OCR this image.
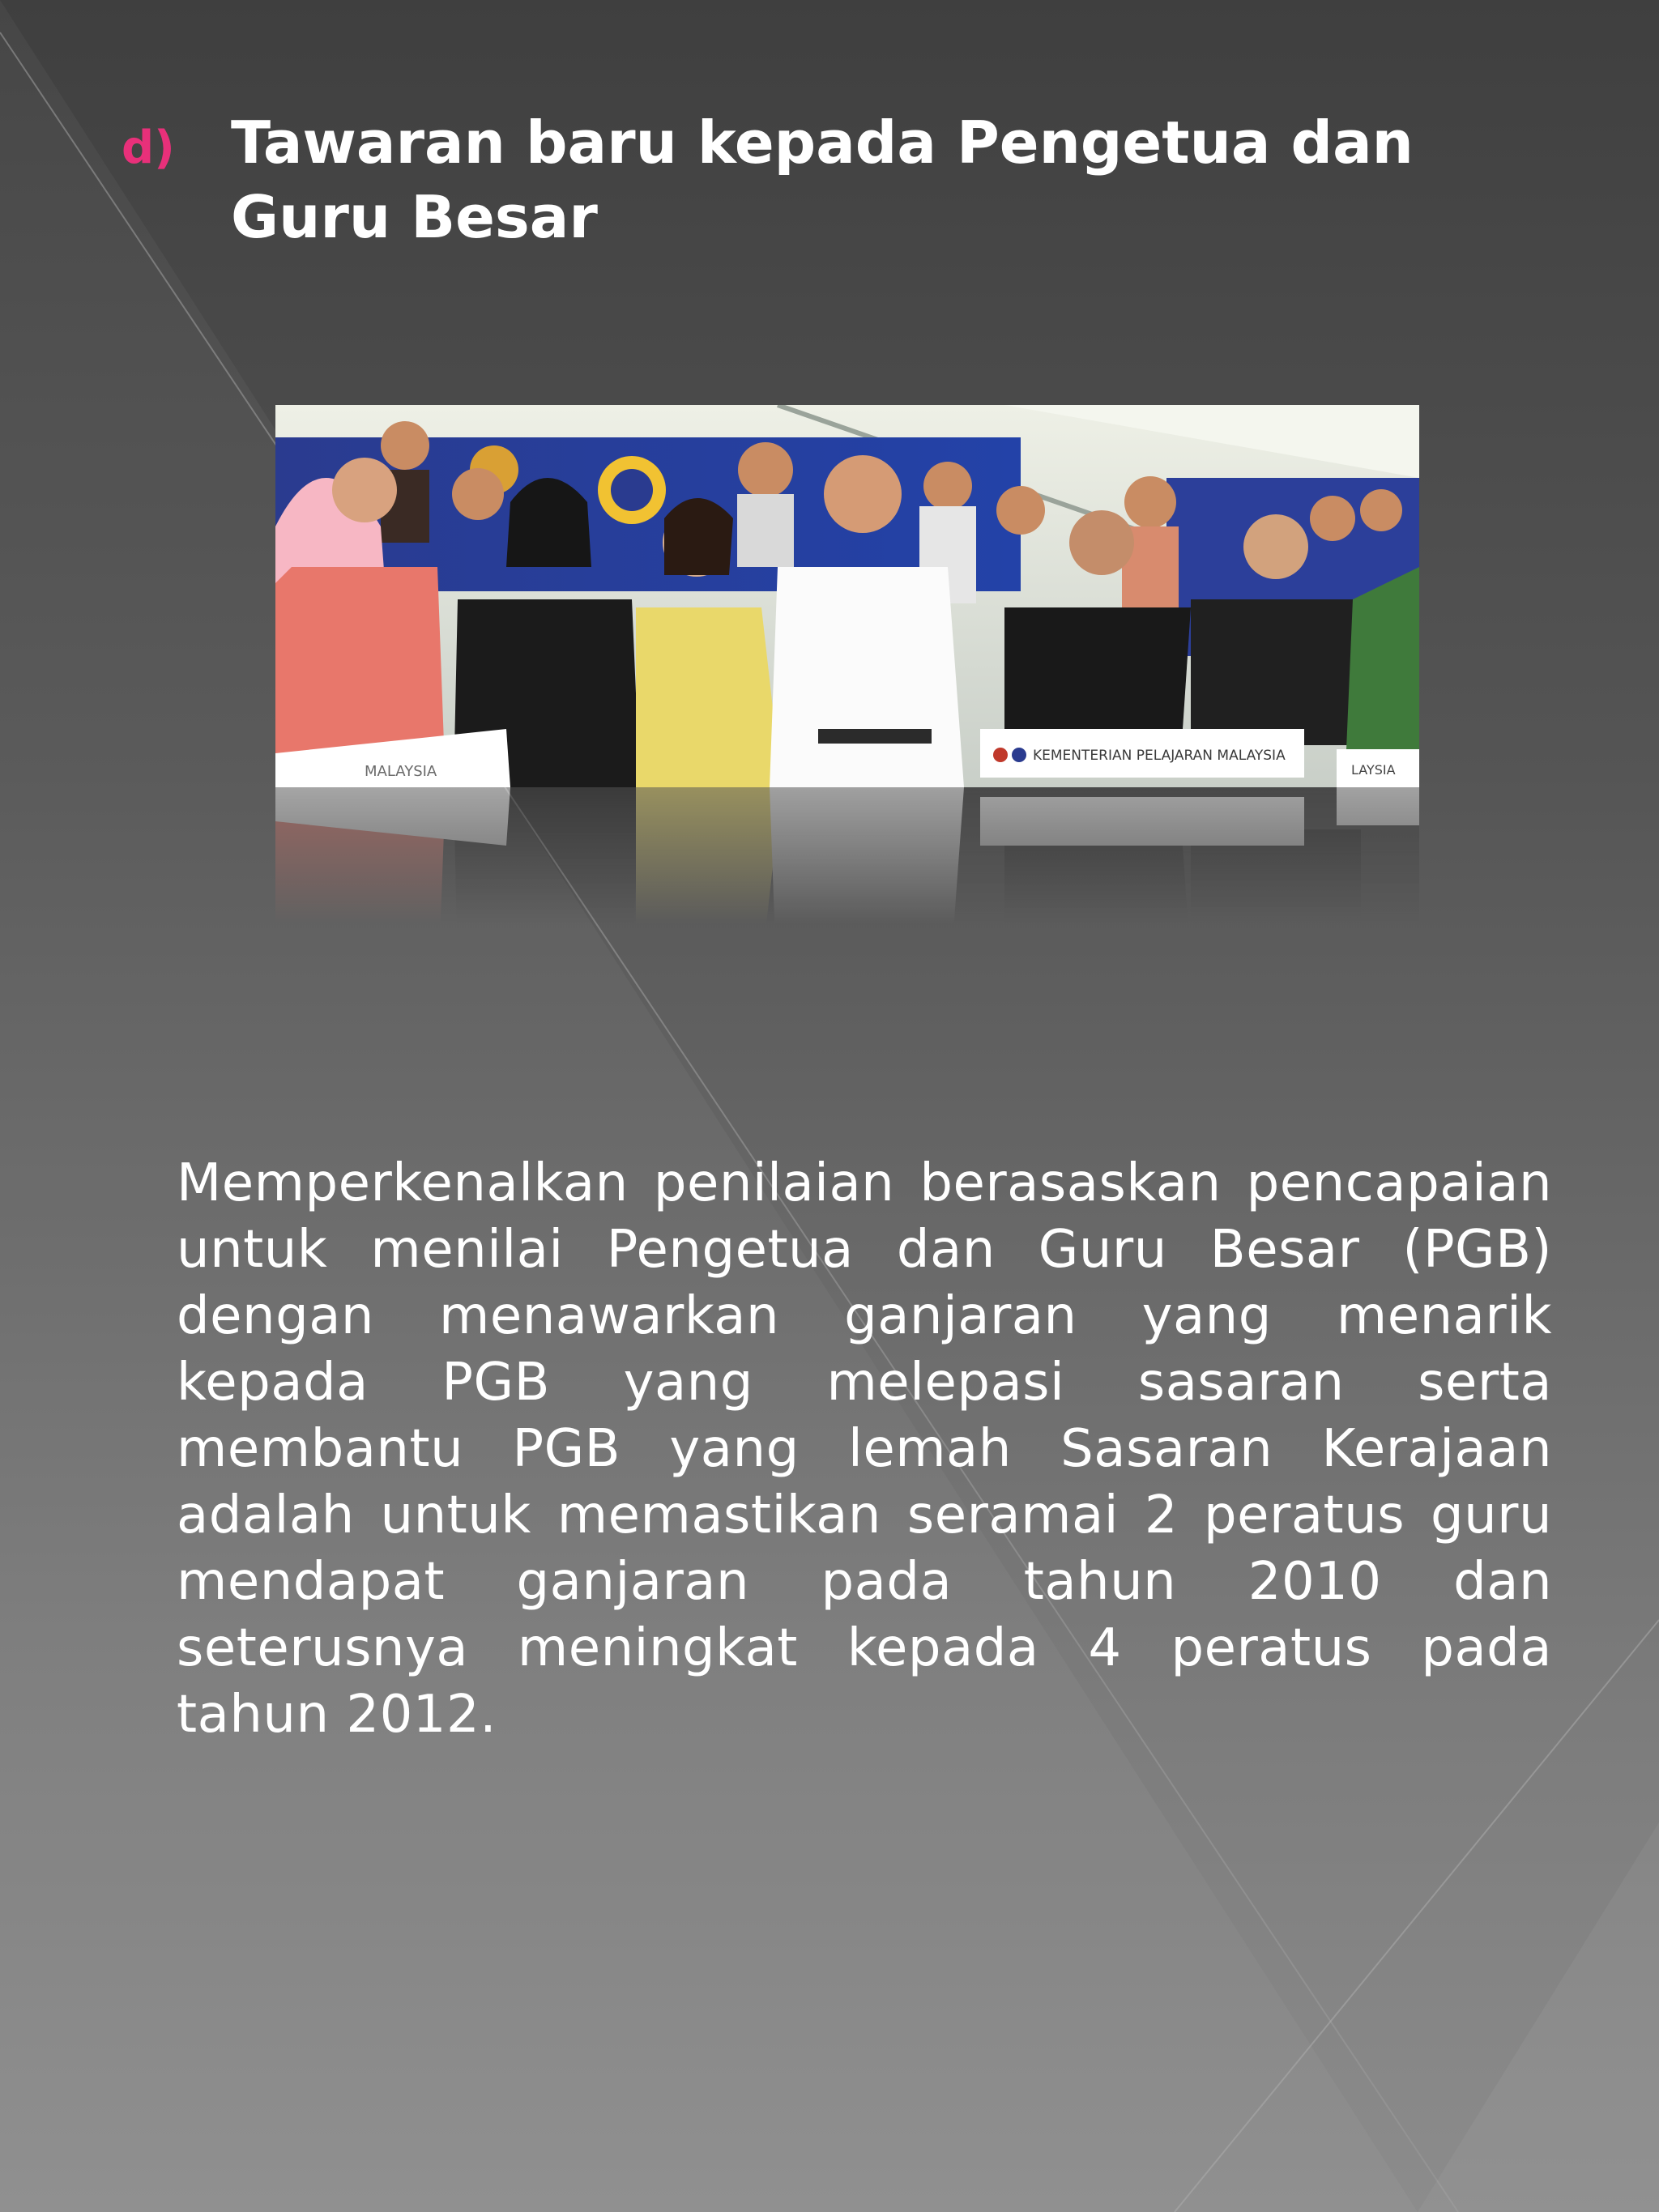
d) Tawaran baru kepada Pengetua dan Guru Besar
MALAYSIA
KEMENTERIAN PELAJARAN MALAYSIA
LAYSIA
Memperkenalkan penilaian berasaskan pencapaian untuk menilai Pengetua dan Guru Besar (PGB) dengan menawarkan ganjaran yang menarik kepada PGB yang melepasi sasaran serta membantu PGB yang lemah Sasaran Kerajaan adalah untuk memastikan seramai 2 peratus guru mendapat ganjaran pada tahun 2010 dan seterusnya meningkat kepada 4 peratus pada tahun 2012.
